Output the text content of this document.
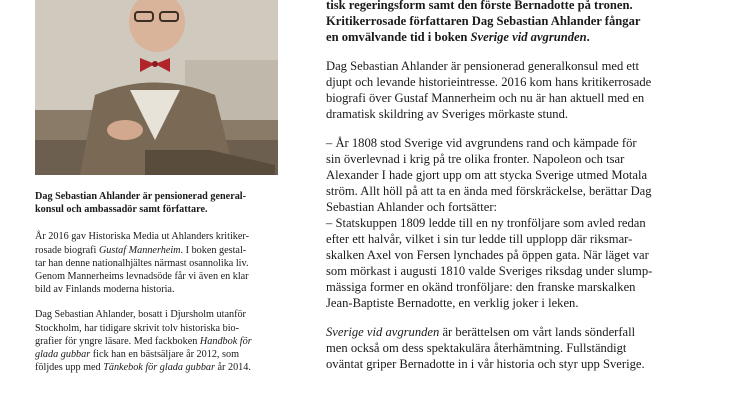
Dag Sebastian Ahlander är pensionerad general-
konsul och ambassadör samt författare.

År 2016 gav Historiska Media ut Ahlanders kritiker-
rosade biografi Gustaf Mannerheim. I boken gestal-
tar han denne nationalhjältes närmast osannolika liv.
Genom Mannerheims levnadsöde får vi även en klar
bild av Finlands moderna historia.

Dag Sebastian Ahlander, bosatt i Djursholm utanför
Stockholm, har tidigare skrivit tolv historiska bio-
grafier för yngre läsare. Med fackboken Handbok för
glada gubbar fick han en bästsäljare år 2012, som
följdes upp med Tänkebok för glada gubbar år 2014.

tisk regeringsform samt den förste Bernadotte på tronen.
Kritikerrosade författaren Dag Sebastian Ahlander fångar
en omvälvande tid i boken Sverige vid avgrunden.

Dag Sebastian Ahlander är pensionerad generalkonsul med ett
djupt och levande historieintresse. 2016 kom hans kritikerrosade
biografi över Gustaf Mannerheim och nu är han aktuell med en
dramatisk skildring av Sveriges mörkaste stund.

– År 1808 stod Sverige vid avgrundens rand och kämpade för
sin överlevnad i krig på tre olika fronter. Napoleon och tsar
Alexander I hade gjort upp om att stycka Sverige utmed Motala
ström. Allt höll på att ta en ända med förskräckelse, berättar Dag
Sebastian Ahlander och fortsätter:
– Statskuppen 1809 ledde till en ny tronföljare som avled redan
efter ett halvår, vilket i sin tur ledde till upplopp där riksmar-
skalken Axel von Fersen lynchades på öppen gata. När läget var
som mörkast i augusti 1810 valde Sveriges riksdag under slump-
mässiga former en okänd tronföljare: den franske marskalken
Jean-Baptiste Bernadotte, en verklig joker i leken.

Sverige vid avgrunden är berättelsen om vårt lands sönderfall
men också om dess spektakulära återhämtning. Fullständigt
oväntat griper Bernadotte in i vår historia och styr upp Sverige.
